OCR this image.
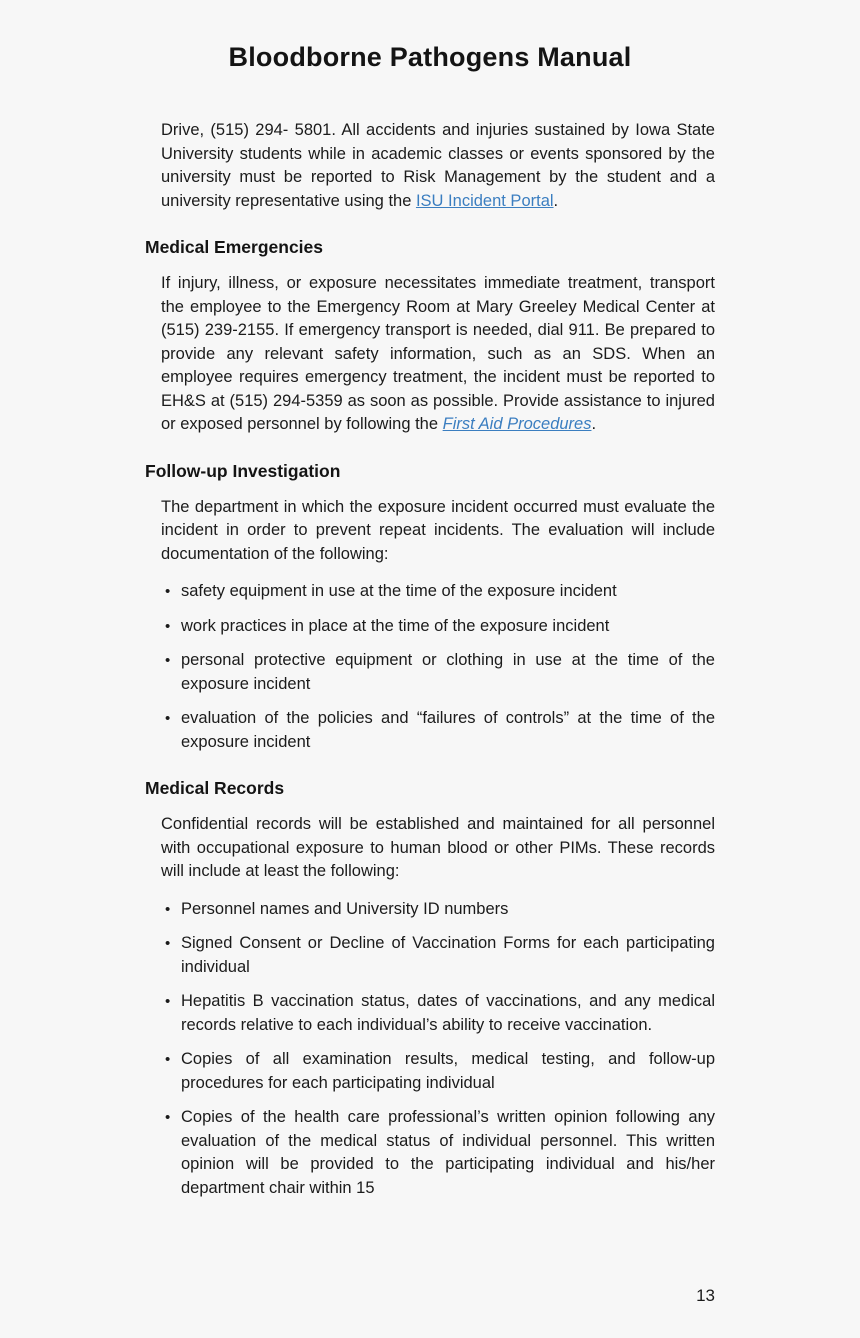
Bloodborne Pathogens Manual

Drive, (515) 294- 5801. All accidents and injuries sustained by Iowa State University students while in academic classes or events sponsored by the university must be reported to Risk Management by the student and a university representative using the ISU Incident Portal.

Medical Emergencies

If injury, illness, or exposure necessitates immediate treatment, transport the employee to the Emergency Room at Mary Greeley Medical Center at (515) 239-2155. If emergency transport is needed, dial 911. Be prepared to provide any relevant safety information, such as an SDS. When an employee requires emergency treatment, the incident must be reported to EH&S at (515) 294-5359 as soon as possible. Provide assistance to injured or exposed personnel by following the First Aid Procedures.

Follow-up Investigation

The department in which the exposure incident occurred must evaluate the incident in order to prevent repeat incidents. The evaluation will include documentation of the following:

• safety equipment in use at the time of the exposure incident
• work practices in place at the time of the exposure incident
• personal protective equipment or clothing in use at the time of the exposure incident
• evaluation of the policies and “failures of controls” at the time of the exposure incident
Medical Records

Confidential records will be established and maintained for all personnel with occupational exposure to human blood or other PIMs. These records will include at least the following:

• Personnel names and University ID numbers
• Signed Consent or Decline of Vaccination Forms for each participating individual
• Hepatitis B vaccination status, dates of vaccinations, and any medical records relative to each individual’s ability to receive vaccination.
• Copies of all examination results, medical testing, and follow-up procedures for each participating individual
• Copies of the health care professional’s written opinion following any evaluation of the medical status of individual personnel. This written opinion will be provided to the participating individual and his/her department chair within 15
13
